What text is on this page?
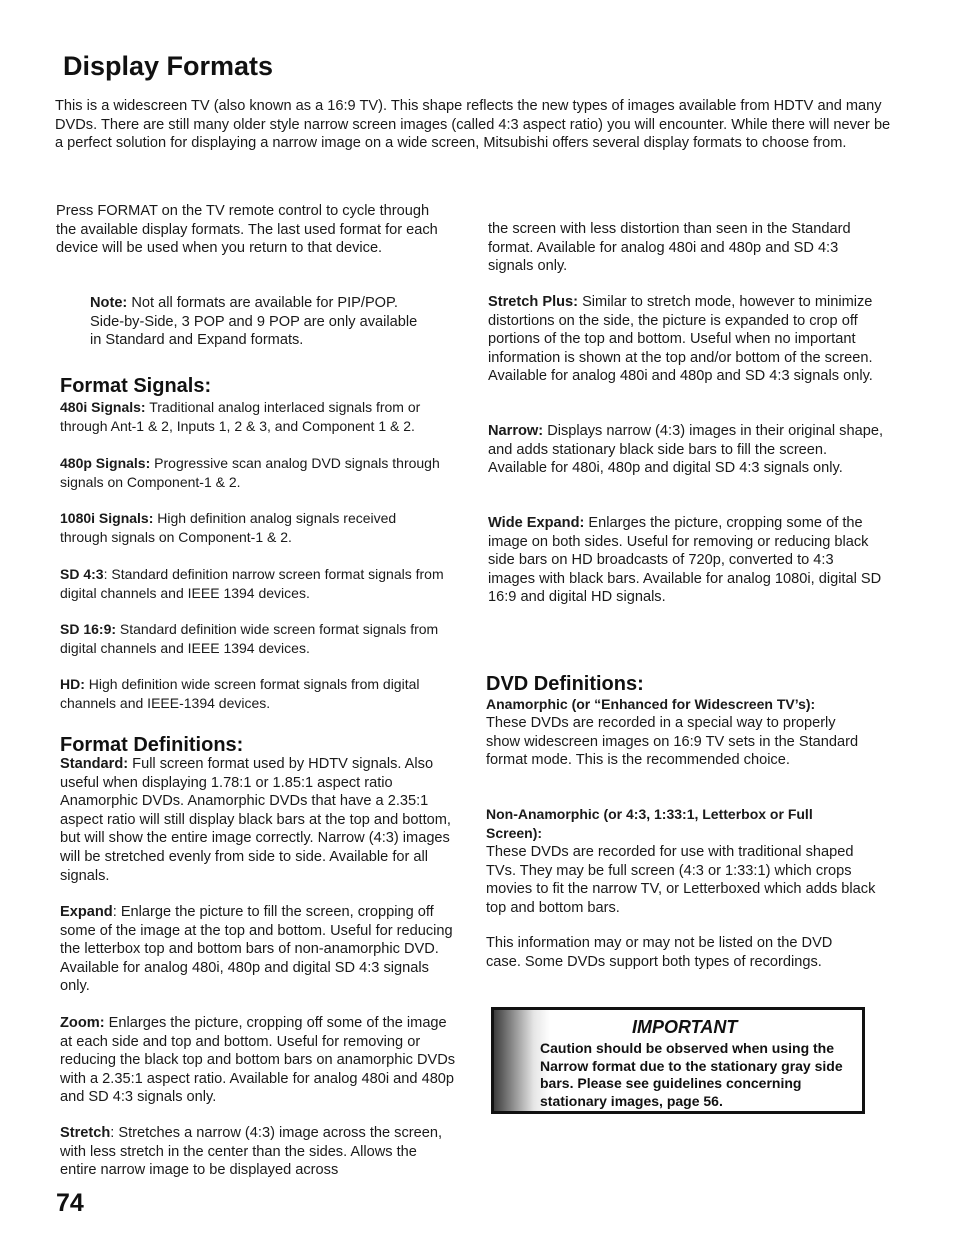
Display Formats

This is a widescreen TV (also known as a 16:9 TV). This shape reflects the new types of images available from HDTV and many DVDs. There are still many older style narrow screen images (called 4:3 aspect ratio) you will encounter. While there will never be a perfect solution for displaying a narrow image on a wide screen, Mitsubishi offers several display formats to choose from.

Press FORMAT on the TV remote control to cycle through the available display formats. The last used format for each device will be used when you return to that device.

Note: Not all formats are available for PIP/POP. Side-by-Side, 3 POP and 9 POP are only available in Standard and Expand formats.

Format Signals:

480i Signals: Traditional analog interlaced signals from or through Ant-1 & 2, Inputs 1, 2 & 3, and Component 1 & 2.

480p Signals: Progressive scan analog DVD signals through signals on Component-1 & 2.

1080i Signals: High definition analog signals received through signals on Component-1 & 2.

SD 4:3: Standard definition narrow screen format signals from digital channels and IEEE 1394 devices.

SD 16:9: Standard definition wide screen format signals from digital channels and IEEE 1394 devices.

HD: High definition wide screen format signals from digital channels and IEEE-1394 devices.

Format Definitions:

Standard: Full screen format used by HDTV signals. Also useful when displaying 1.78:1 or 1.85:1 aspect ratio Anamorphic DVDs. Anamorphic DVDs that have a 2.35:1 aspect ratio will still display black bars at the top and bottom, but will show the entire image correctly. Narrow (4:3) images will be stretched evenly from side to side. Available for all signals.

Expand: Enlarge the picture to fill the screen, cropping off some of the image at the top and bottom. Useful for reducing the letterbox top and bottom bars of non-anamorphic DVD. Available for analog 480i, 480p and digital SD 4:3 signals only.

Zoom: Enlarges the picture, cropping off some of the image at each side and top and bottom. Useful for removing or reducing the black top and bottom bars on anamorphic DVDs with a 2.35:1 aspect ratio. Available for analog 480i and 480p and SD 4:3 signals only.

Stretch: Stretches a narrow (4:3) image across the screen, with less stretch in the center than the sides. Allows the entire narrow image to be displayed across

the screen with less distortion than seen in the Standard format. Available for analog 480i and 480p and SD 4:3 signals only.

Stretch Plus: Similar to stretch mode, however to minimize distortions on the side, the picture is expanded to crop off portions of the top and bottom. Useful when no important information is shown at the top and/or bottom of the screen. Available for analog 480i and 480p and SD 4:3 signals only.

Narrow: Displays narrow (4:3) images in their original shape, and adds stationary black side bars to fill the screen. Available for 480i, 480p and digital SD 4:3 signals only.

Wide Expand: Enlarges the picture, cropping some of the image on both sides. Useful for removing or reducing black side bars on HD broadcasts of 720p, converted to 4:3 images with black bars. Available for analog 1080i, digital SD 16:9 and digital HD signals.

DVD Definitions:

Anamorphic (or “Enhanced for Widescreen TV’s):

These DVDs are recorded in a special way to properly show widescreen images on 16:9 TV sets in the Standard format mode. This is the recommended choice.

Non-Anamorphic (or 4:3, 1:33:1, Letterbox or Full Screen):

These DVDs are recorded for use with traditional shaped TVs. They may be full screen (4:3 or 1:33:1) which crops movies to fit the narrow TV, or Letterboxed which adds black top and bottom bars.

This information may or may not be listed on the DVD case. Some DVDs support both types of recordings.

IMPORTANT
Caution should be observed when using the Narrow format due to the stationary gray side bars. Please see guidelines concerning stationary images, page 56.
74
